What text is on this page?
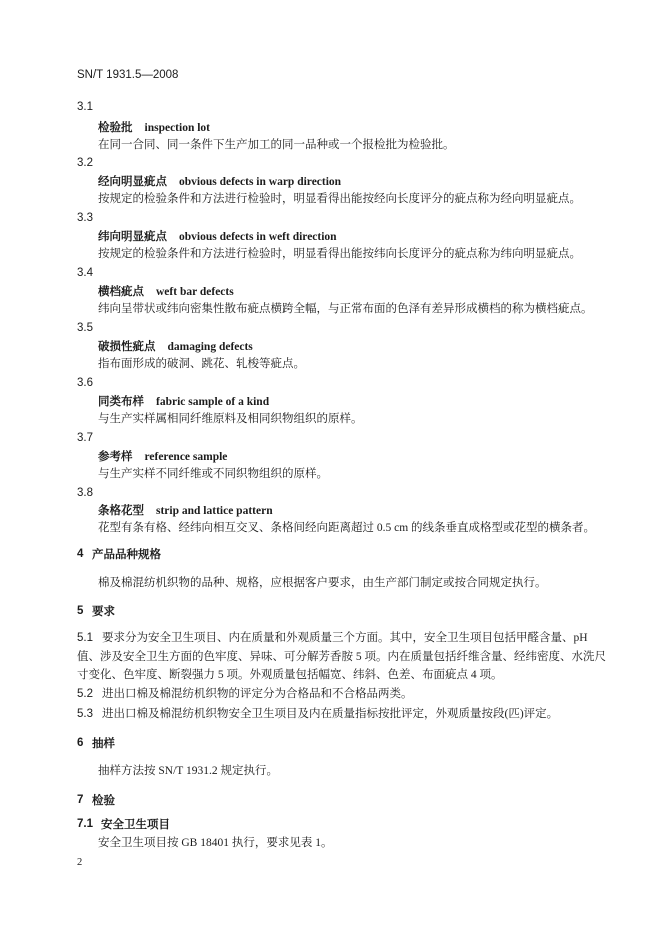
SN/T 1931.5—2008
3.1
检验批 inspection lot
在同一合同、同一条件下生产加工的同一品种或一个报检批为检验批。
3.2
经向明显疵点 obvious defects in warp direction
按规定的检验条件和方法进行检验时，明显看得出能按经向长度评分的疵点称为经向明显疵点。
3.3
纬向明显疵点 obvious defects in weft direction
按规定的检验条件和方法进行检验时，明显看得出能按纬向长度评分的疵点称为纬向明显疵点。
3.4
横档疵点 weft bar defects
纬向呈带状或纬向密集性散布疵点横跨全幅，与正常布面的色泽有差异形成横档的称为横档疵点。
3.5
破损性疵点 damaging defects
指布面形成的破洞、跳花、轧梭等疵点。
3.6
同类布样 fabric sample of a kind
与生产实样属相同纤维原料及相同织物组织的原样。
3.7
参考样 reference sample
与生产实样不同纤维或不同织物组织的原样。
3.8
条格花型 strip and lattice pattern
花型有条有格、经纬向相互交叉、条格间经向距离超过 0.5 cm 的线条垂直成格型或花型的横条者。
4 产品品种规格
棉及棉混纺机织物的品种、规格，应根据客户要求，由生产部门制定或按合同规定执行。
5 要求
5.1 要求分为安全卫生项目、内在质量和外观质量三个方面。其中，安全卫生项目包括甲醛含量、pH
值、涉及安全卫生方面的色牢度、异味、可分解芳香胺 5 项。内在质量包括纤维含量、经纬密度、水洗尺
寸变化、色牢度、断裂强力 5 项。外观质量包括幅宽、纬斜、色差、布面疵点 4 项。
5.2 进出口棉及棉混纺机织物的评定分为合格品和不合格品两类。
5.3 进出口棉及棉混纺机织物安全卫生项目及内在质量指标按批评定，外观质量按段(匹)评定。
6 抽样
抽样方法按 SN/T 1931.2 规定执行。
7 检验
7.1 安全卫生项目
安全卫生项目按 GB 18401 执行，要求见表 1。
2
